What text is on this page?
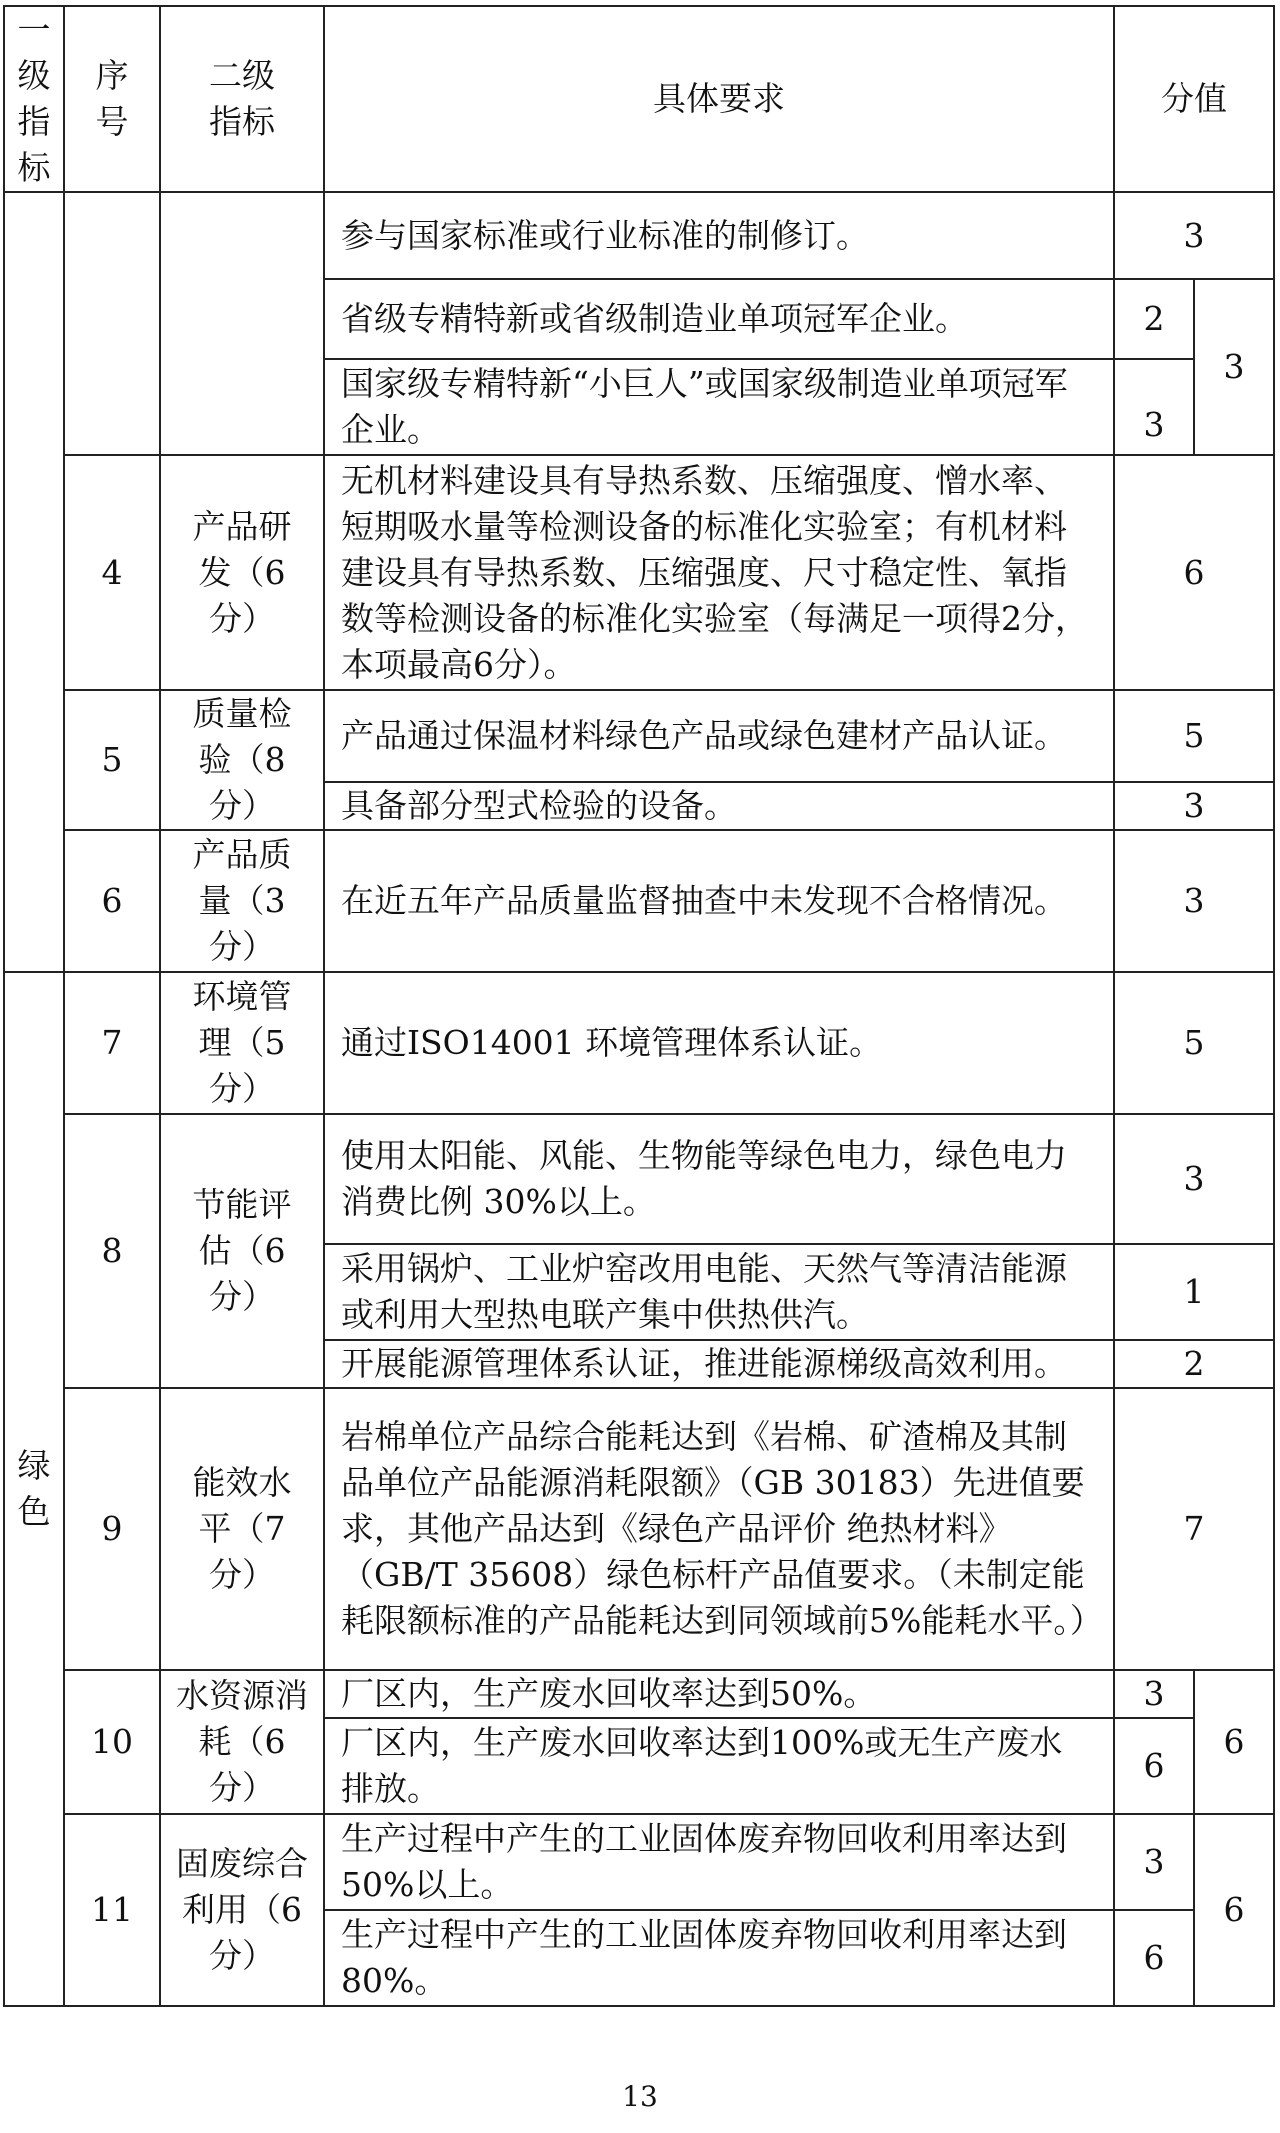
一级指标	序号	二级指标	具体要求	分值	
			参与国家标准或行业标准的制修订。	3	
			省级专精特新或省级制造业单项冠军企业。	2	3
			国家级专精特新“小巨人”或国家级制造业单项冠军企业。	3	
	4	产品研发（6分）	无机材料建设具有导热系数、压缩强度、憎水率、短期吸水量等检测设备的标准化实验室；有机材料建设具有导热系数、压缩强度、尺寸稳定性、氧指数等检测设备的标准化实验室（每满足一项得2分，本项最高6分）。	6	
	5	质量检验（8分）	产品通过保温材料绿色产品或绿色建材产品认证。	5	
			具备部分型式检验的设备。	3	
	6	产品质量（3分）	在近五年产品质量监督抽查中未发现不合格情况。	3	
绿色	7	环境管理（5分）	通过ISO14001 环境管理体系认证。	5	
	8	节能评估（6分）	使用太阳能、风能、生物能等绿色电力，绿色电力消费比例 30%以上。	3	
			采用锅炉、工业炉窑改用电能、天然气等清洁能源或利用大型热电联产集中供热供汽。	1	
			开展能源管理体系认证，推进能源梯级高效利用。	2	
	9	能效水平（7分）	岩棉单位产品综合能耗达到《岩棉、矿渣棉及其制品单位产品能源消耗限额》（GB 30183）先进值要求，其他产品达到《绿色产品评价 绝热材料》（GB/T 35608）绿色标杆产品值要求。（未制定能耗限额标准的产品能耗达到同领域前5%能耗水平。）	7	
	10	水资源消耗（6分）	厂区内，生产废水回收率达到50%。	3	6
			厂区内，生产废水回收率达到100%或无生产废水排放。	6	
	11	固废综合利用（6分）	生产过程中产生的工业固体废弃物回收利用率达到50%以上。	3	6
			生产过程中产生的工业固体废弃物回收利用率达到80%。	6	
13
